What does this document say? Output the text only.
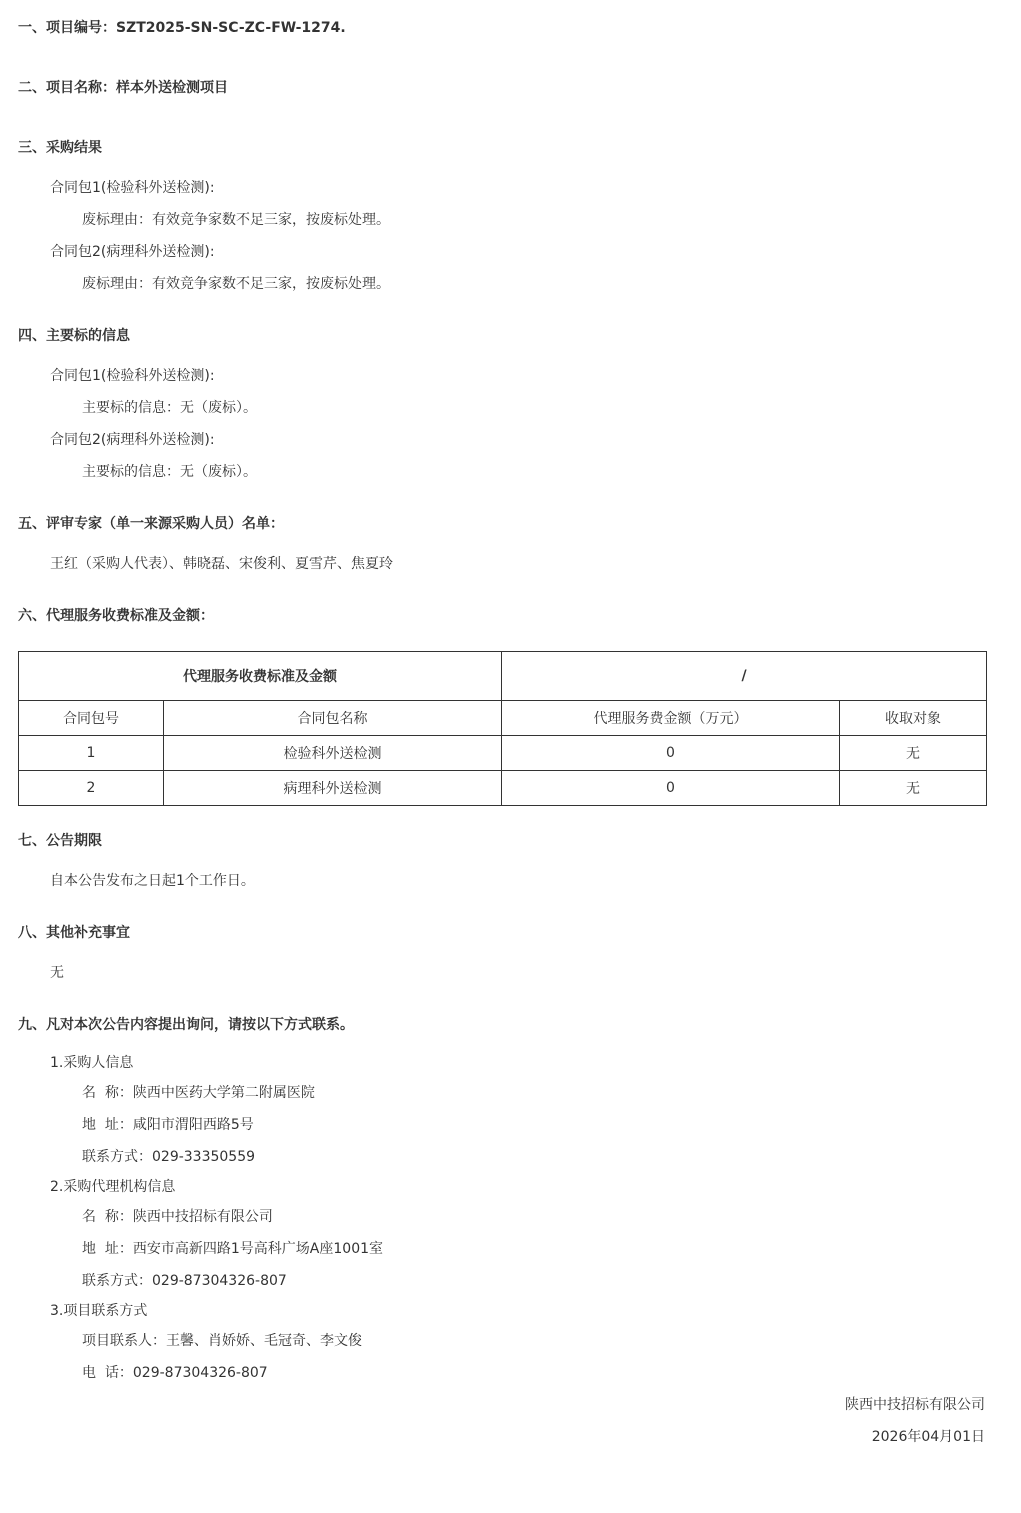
一、项目编号：SZT2025-SN-SC-ZC-FW-1274.
二、项目名称：样本外送检测项目
三、采购结果
合同包1(检验科外送检测):
废标理由：有效竞争家数不足三家，按废标处理。
合同包2(病理科外送检测):
废标理由：有效竞争家数不足三家，按废标处理。
四、主要标的信息
合同包1(检验科外送检测):
主要标的信息：无（废标）。
合同包2(病理科外送检测):
主要标的信息：无（废标）。
五、评审专家（单一来源采购人员）名单：
王红（采购人代表）、韩晓磊、宋俊利、夏雪芹、焦夏玲
六、代理服务收费标准及金额：
代理服务收费标准及金额		/	
合同包号	合同包名称	代理服务费金额（万元）	收取对象
1	检验科外送检测	0	无
2	病理科外送检测	0	无
七、公告期限
自本公告发布之日起1个工作日。
八、其他补充事宜
无
九、凡对本次公告内容提出询问，请按以下方式联系。
1.采购人信息
名  称：陕西中医药大学第二附属医院
地  址：咸阳市渭阳西路5号
联系方式：029-33350559
2.采购代理机构信息
名  称：陕西中技招标有限公司
地  址：西安市高新四路1号高科广场A座1001室
联系方式：029-87304326-807
3.项目联系方式
项目联系人：王馨、肖娇娇、毛冠奇、李文俊
电  话：029-87304326-807
陕西中技招标有限公司
2026年04月01日
